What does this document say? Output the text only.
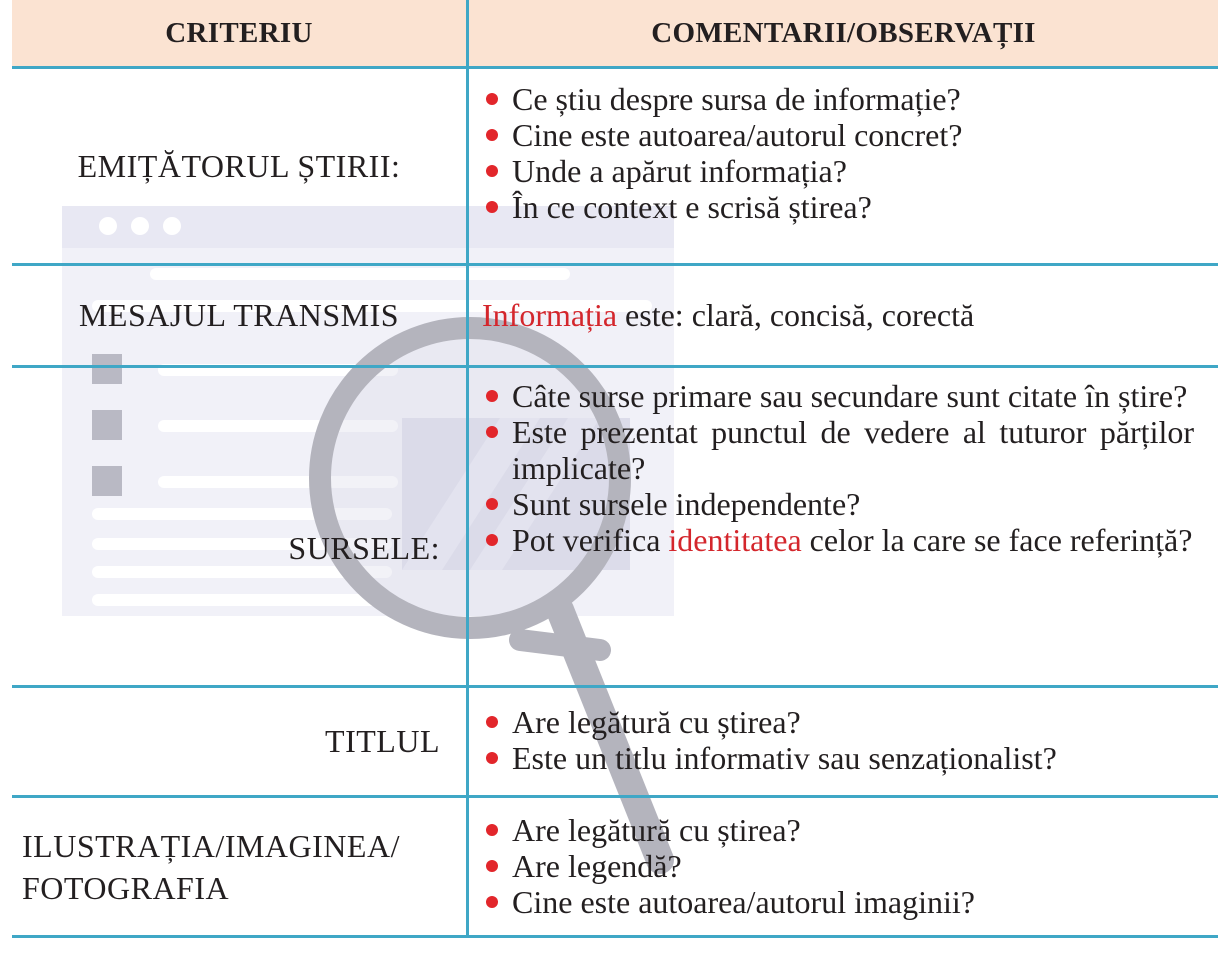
CRITERIU	COMENTARII/OBSERVAȚII
EMIȚĂTORUL ȘTIRII:
Ce știu despre sursa de informație?
Cine este autoarea/autorul concret?
Unde a apărut informația?
În ce context e scrisă știrea?
MESAJUL TRANSMIS	Informația este: clară, concisă, corectă
SURSELE:
Câte surse primare sau secundare sunt citate în știre?
Este prezentat punctul de vedere al tuturor părților implicate?
Sunt sursele independente?
Pot verifica identitatea celor la care se face referință?
TITLUL
Are legătură cu știrea?
Este un titlu informativ sau senzaționalist?
ILUSTRAȚIA/IMAGINEA/
FOTOGRAFIA
Are legătură cu știrea?
Are legendă?
Cine este autoarea/autorul imaginii?
